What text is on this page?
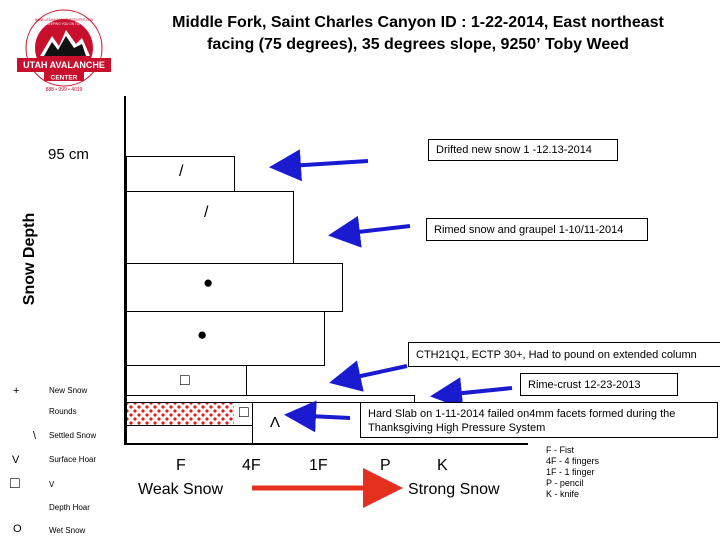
Middle Fork, Saint Charles Canyon ID : 1-22-2014, East northeast
facing (75 degrees), 35 degrees slope, 9250ʼ Toby Weed
UTAH AVALANCHE
CENTER
WWW.UTAHAVALANCHECENTER.ORG
KEEPING YOU ON TOP
888 • 999 • 4019
Snow Depth
95 cm
/
/
●
●
□
□
Λ
Drifted new snow 1 -12.13-2014
Rimed snow and graupel 1-10/11-2014
CTH21Q1, ECTP 30+, Had to pound on extended column
Rime-crust 12-23-2013
Hard Slab on 1-11-2014 failed on4mm facets formed during the
Thanksgiving High Pressure System
F	4F	1F	P	K
Weak Snow	Strong Snow
+	New Snow
Rounds
\ Settled Snow
V	Surface Hoar
□	V
Depth Hoar
O	Wet Snow
F - Fist
4F - 4 fingers
1F - 1 finger
P - pencil
K - knife
